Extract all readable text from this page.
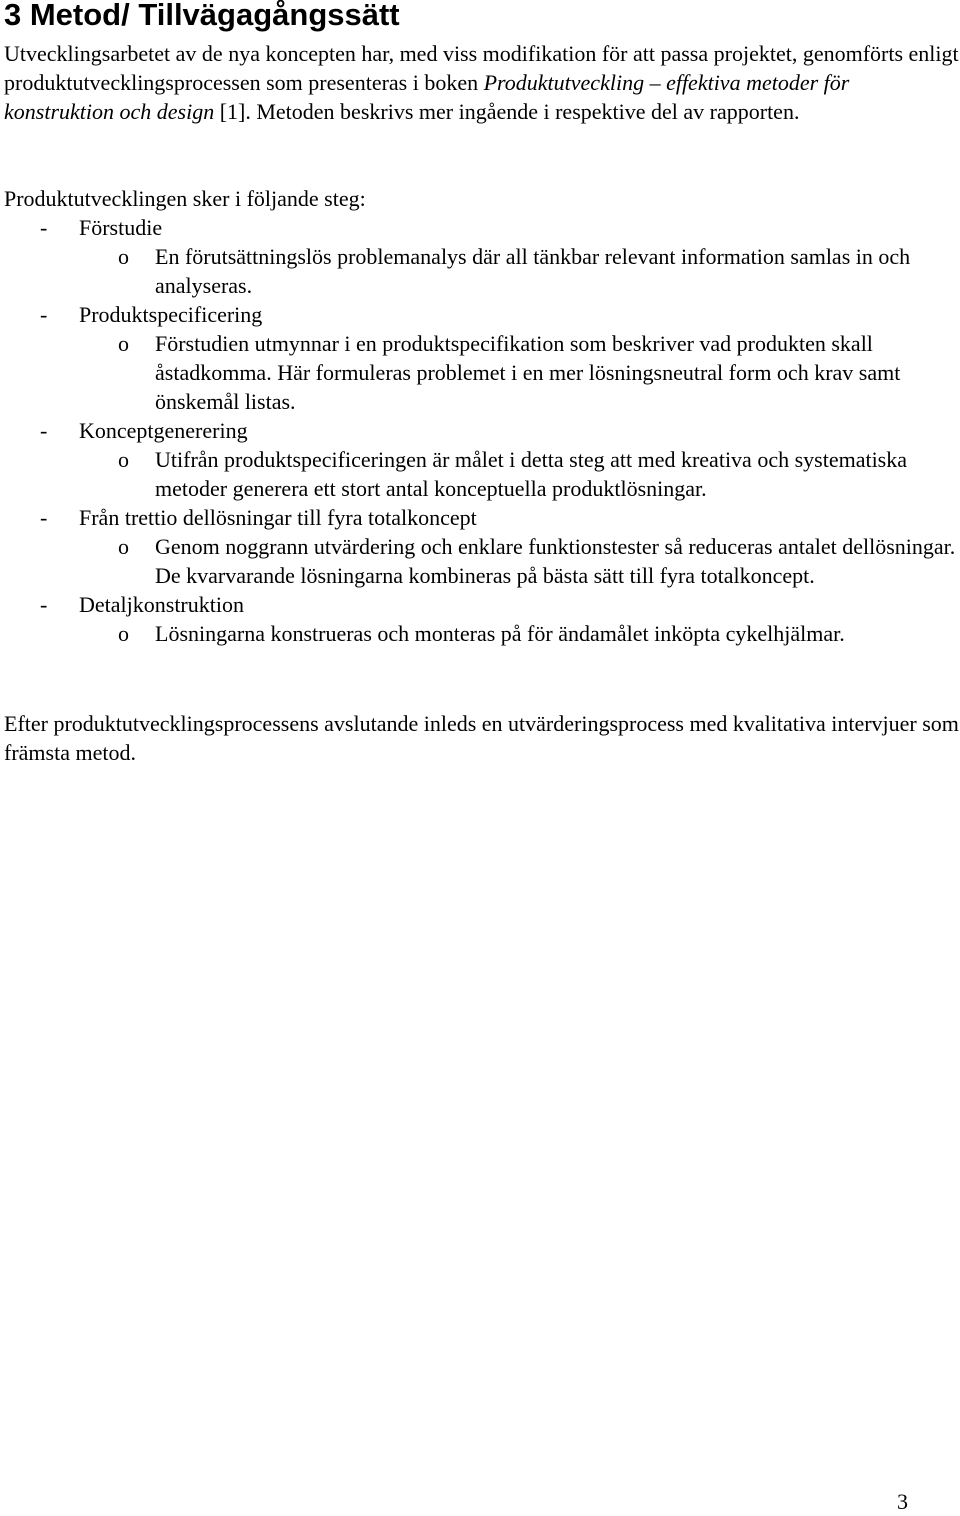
3 Metod/ Tillvägagångssätt

Utvecklingsarbetet av de nya koncepten har, med viss modifikation för att passa projektet, genomförts enligt produktutvecklingsprocessen som presenteras i boken Produktutveckling – effektiva metoder för konstruktion och design [1]. Metoden beskrivs mer ingående i respektive del av rapporten.

Produktutvecklingen sker i följande steg:

- Förstudie
o En förutsättningslös problemanalys där all tänkbar relevant information samlas in och analyseras.
- Produktspecificering
o Förstudien utmynnar i en produktspecifikation som beskriver vad produkten skall åstadkomma. Här formuleras problemet i en mer lösningsneutral form och krav samt önskemål listas.
- Konceptgenerering
o Utifrån produktspecificeringen är målet i detta steg att med kreativa och systematiska metoder generera ett stort antal konceptuella produktlösningar.
- Från trettio dellösningar till fyra totalkoncept
o Genom noggrann utvärdering och enklare funktionstester så reduceras antalet dellösningar. De kvarvarande lösningarna kombineras på bästa sätt till fyra totalkoncept.
- Detaljkonstruktion
o Lösningarna konstrueras och monteras på för ändamålet inköpta cykelhjälmar.

Efter produktutvecklingsprocessens avslutande inleds en utvärderingsprocess med kvalitativa intervjuer som främsta metod.

3
